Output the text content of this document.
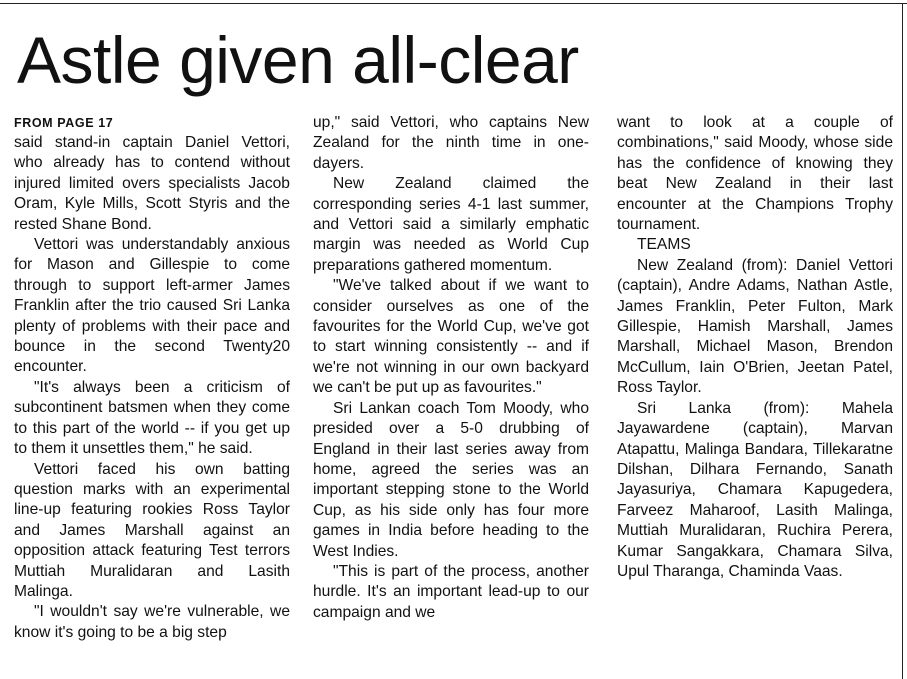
Astle given all-clear
FROM PAGE 17

said stand-in captain Daniel Vettori, who already has to contend without injured limited overs specialists Jacob Oram, Kyle Mills, Scott Styris and the rested Shane Bond.

Vettori was understandably anxious for Mason and Gillespie to come through to support left-armer James Franklin after the trio caused Sri Lanka plenty of problems with their pace and bounce in the second Twenty20 encounter.

"It's always been a criticism of subcontinent batsmen when they come to this part of the world -- if you get up to them it unsettles them," he said.

Vettori faced his own batting question marks with an experimental line-up featuring rookies Ross Taylor and James Marshall against an opposition attack featuring Test terrors Muttiah Muralidaran and Lasith Malinga.

"I wouldn't say we're vulnerable, we know it's going to be a big step

up," said Vettori, who captains New Zealand for the ninth time in one-dayers.

New Zealand claimed the corresponding series 4-1 last summer, and Vettori said a similarly emphatic margin was needed as World Cup preparations gathered momentum.

"We've talked about if we want to consider ourselves as one of the favourites for the World Cup, we've got to start winning consistently -- and if we're not winning in our own backyard we can't be put up as favourites."

Sri Lankan coach Tom Moody, who presided over a 5-0 drubbing of England in their last series away from home, agreed the series was an important stepping stone to the World Cup, as his side only has four more games in India before heading to the West Indies.

"This is part of the process, another hurdle. It's an important lead-up to our campaign and we

want to look at a couple of combinations," said Moody, whose side has the confidence of knowing they beat New Zealand in their last encounter at the Champions Trophy tournament.

TEAMS

New Zealand (from): Daniel Vettori (captain), Andre Adams, Nathan Astle, James Franklin, Peter Fulton, Mark Gillespie, Hamish Marshall, James Marshall, Michael Mason, Brendon McCullum, Iain O'Brien, Jeetan Patel, Ross Taylor.

Sri Lanka (from): Mahela Jayawardene (captain), Marvan Atapattu, Malinga Bandara, Tillekaratne Dilshan, Dilhara Fernando, Sanath Jayasuriya, Chamara Kapugedera, Farveez Maharoof, Lasith Malinga, Muttiah Muralidaran, Ruchira Perera, Kumar Sangakkara, Chamara Silva, Upul Tharanga, Chaminda Vaas.
